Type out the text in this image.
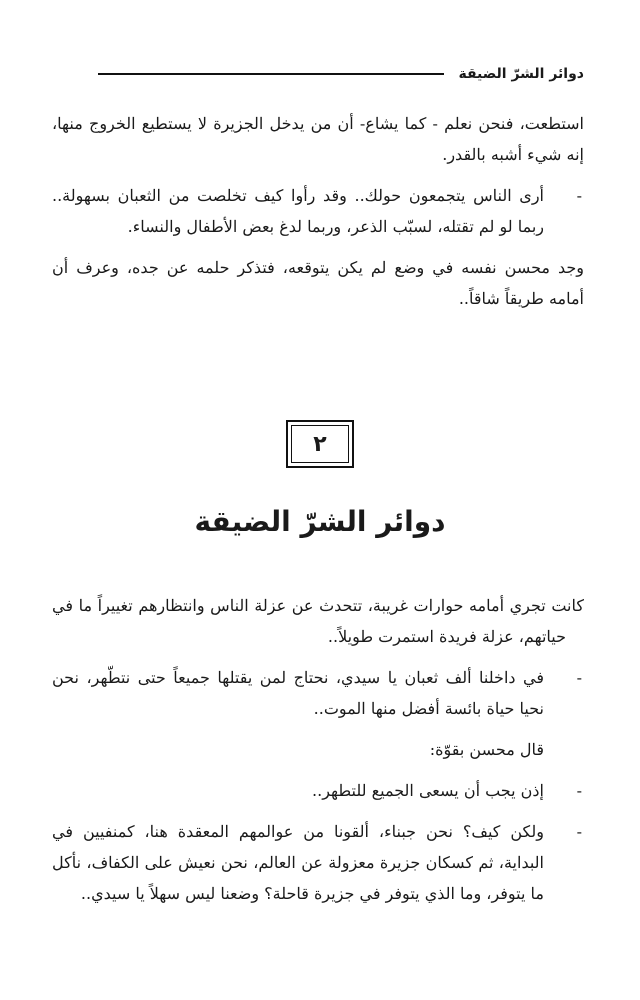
دوائر الشرّ الضيقة

استطعت، فنحن نعلم - كما يشاع- أن من يدخل الجزيرة لا يستطيع الخروج منها، إنه شيء أشبه بالقدر.

-
أرى الناس يتجمعون حولك.. وقد رأوا كيف تخلصت من الثعبان بسهولة.. ربما لو لم تقتله، لسبّب الذعر، وربما لدغ بعض الأطفال والنساء.

وجد محسن نفسه في وضع لم يكن يتوقعه، فتذكر حلمه عن جده، وعرف أن أمامه طريقاً شاقاً..

٢
دوائر الشرّ الضيقة

كانت تجري أمامه حوارات غريبة، تتحدث عن عزلة الناس وانتظارهم تغييراً ما في حياتهم، عزلة فريدة استمرت طويلاً..

-
في داخلنا ألف ثعبان يا سيدي، نحتاج لمن يقتلها جميعاً حتى نتطّهر، نحن نحيا حياة بائسة أفضل منها الموت..

قال محسن بقوّة:

-
إذن يجب أن يسعى الجميع للتطهر..

-
ولكن كيف؟ نحن جبناء، ألقونا من عوالمهم المعقدة هنا، كمنفيين في البداية، ثم كسكان جزيرة معزولة عن العالم، نحن نعيش على الكفاف، نأكل ما يتوفر، وما الذي يتوفر في جزيرة قاحلة؟ وضعنا ليس سهلاً يا سيدي..
